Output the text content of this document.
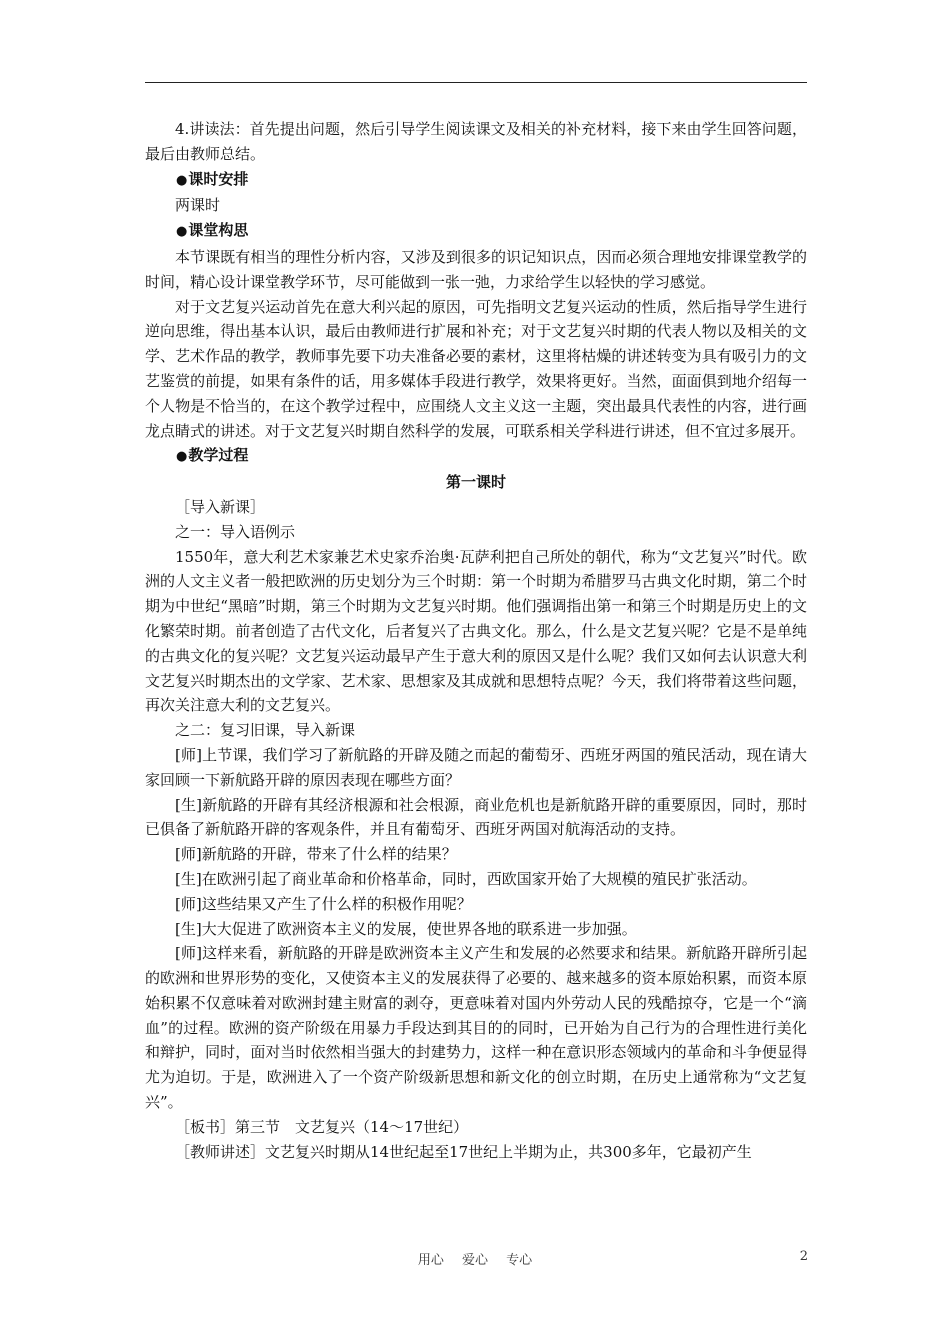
4.讲读法：首先提出问题，然后引导学生阅读课文及相关的补充材料，接下来由学生回答问题，最后由教师总结。

●课时安排

两课时

●课堂构思

本节课既有相当的理性分析内容，又涉及到很多的识记知识点，因而必须合理地安排课堂教学的时间，精心设计课堂教学环节，尽可能做到一张一弛，力求给学生以轻快的学习感觉。

对于文艺复兴运动首先在意大利兴起的原因，可先指明文艺复兴运动的性质，然后指导学生进行逆向思维，得出基本认识，最后由教师进行扩展和补充；对于文艺复兴时期的代表人物以及相关的文学、艺术作品的教学，教师事先要下功夫准备必要的素材，这里将枯燥的讲述转变为具有吸引力的文艺鉴赏的前提，如果有条件的话，用多媒体手段进行教学，效果将更好。当然，面面俱到地介绍每一个人物是不恰当的，在这个教学过程中，应围绕人文主义这一主题，突出最具代表性的内容，进行画龙点睛式的讲述。对于文艺复兴时期自然科学的发展，可联系相关学科进行讲述，但不宜过多展开。

●教学过程
第一课时

［导入新课］

之一：导入语例示

1550年，意大利艺术家兼艺术史家乔治奥·瓦萨利把自己所处的朝代，称为“文艺复兴”时代。欧洲的人文主义者一般把欧洲的历史划分为三个时期：第一个时期为希腊罗马古典文化时期，第二个时期为中世纪“黑暗”时期，第三个时期为文艺复兴时期。他们强调指出第一和第三个时期是历史上的文化繁荣时期。前者创造了古代文化，后者复兴了古典文化。那么，什么是文艺复兴呢？它是不是单纯的古典文化的复兴呢？文艺复兴运动最早产生于意大利的原因又是什么呢？我们又如何去认识意大利文艺复兴时期杰出的文学家、艺术家、思想家及其成就和思想特点呢？今天，我们将带着这些问题，再次关注意大利的文艺复兴。

之二：复习旧课，导入新课

[师]上节课，我们学习了新航路的开辟及随之而起的葡萄牙、西班牙两国的殖民活动，现在请大家回顾一下新航路开辟的原因表现在哪些方面？

[生]新航路的开辟有其经济根源和社会根源，商业危机也是新航路开辟的重要原因，同时，那时已俱备了新航路开辟的客观条件，并且有葡萄牙、西班牙两国对航海活动的支持。

[师]新航路的开辟，带来了什么样的结果？

[生]在欧洲引起了商业革命和价格革命，同时，西欧国家开始了大规模的殖民扩张活动。

[师]这些结果又产生了什么样的积极作用呢？

[生]大大促进了欧洲资本主义的发展，使世界各地的联系进一步加强。

[师]这样来看，新航路的开辟是欧洲资本主义产生和发展的必然要求和结果。新航路开辟所引起的欧洲和世界形势的变化，又使资本主义的发展获得了必要的、越来越多的资本原始积累，而资本原始积累不仅意味着对欧洲封建主财富的剥夺，更意味着对国内外劳动人民的残酷掠夺，它是一个“滴血”的过程。欧洲的资产阶级在用暴力手段达到其目的的同时，已开始为自己行为的合理性进行美化和辩护，同时，面对当时依然相当强大的封建势力，这样一种在意识形态领域内的革命和斗争便显得尤为迫切。于是，欧洲进入了一个资产阶级新思想和新文化的创立时期，在历史上通常称为“文艺复兴”。

［板书］第三节　文艺复兴（14～17世纪）

［教师讲述］文艺复兴时期从14世纪起至17世纪上半期为止，共300多年，它最初产生

用心 爱心 专心	2
